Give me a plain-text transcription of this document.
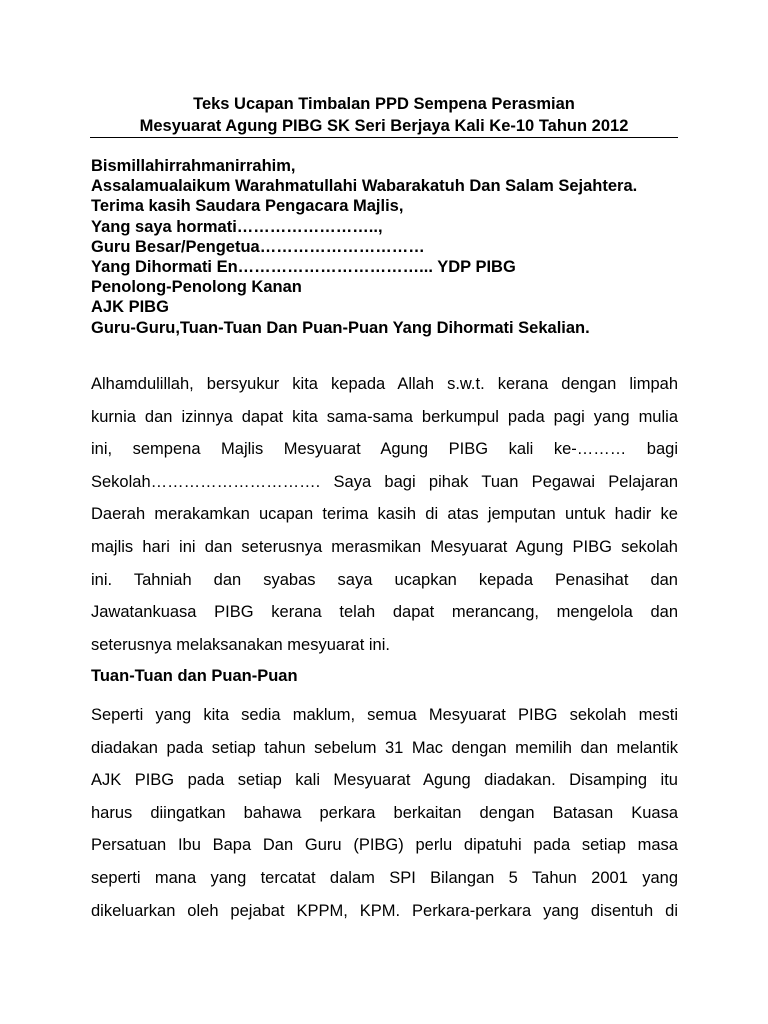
Teks Ucapan Timbalan PPD Sempena Perasmian
Mesyuarat Agung PIBG SK Seri Berjaya Kali Ke-10 Tahun 2012
Bismillahirrahmanirrahim,
Assalamualaikum Warahmatullahi Wabarakatuh Dan Salam Sejahtera.
Terima kasih Saudara Pengacara Majlis,
Yang saya hormati……………………..,
Guru Besar/Pengetua…………………………
Yang Dihormati En……………………………... YDP PIBG
Penolong-Penolong Kanan
AJK PIBG
Guru-Guru,Tuan-Tuan Dan Puan-Puan Yang Dihormati Sekalian.
Alhamdulillah, bersyukur kita kepada Allah s.w.t. kerana dengan limpah
kurnia dan izinnya dapat kita sama-sama berkumpul pada pagi yang mulia
ini, sempena Majlis Mesyuarat Agung PIBG kali ke-……… bagi
Sekolah…………………………. Saya bagi pihak Tuan Pegawai Pelajaran
Daerah merakamkan ucapan terima kasih di atas jemputan untuk hadir ke
majlis hari ini dan seterusnya merasmikan Mesyuarat Agung PIBG sekolah
ini. Tahniah dan syabas saya ucapkan kepada Penasihat dan
Jawatankuasa PIBG kerana telah dapat merancang, mengelola dan
seterusnya melaksanakan mesyuarat ini.
Tuan-Tuan dan Puan-Puan
Seperti yang kita sedia maklum, semua Mesyuarat PIBG sekolah mesti
diadakan pada setiap tahun sebelum 31 Mac dengan memilih dan melantik
AJK PIBG pada setiap kali Mesyuarat Agung diadakan. Disamping itu
harus diingatkan bahawa perkara berkaitan dengan Batasan Kuasa
Persatuan Ibu Bapa Dan Guru (PIBG) perlu dipatuhi pada setiap masa
seperti mana yang tercatat dalam SPI Bilangan 5 Tahun 2001 yang
dikeluarkan oleh pejabat KPPM, KPM. Perkara-perkara yang disentuh di
